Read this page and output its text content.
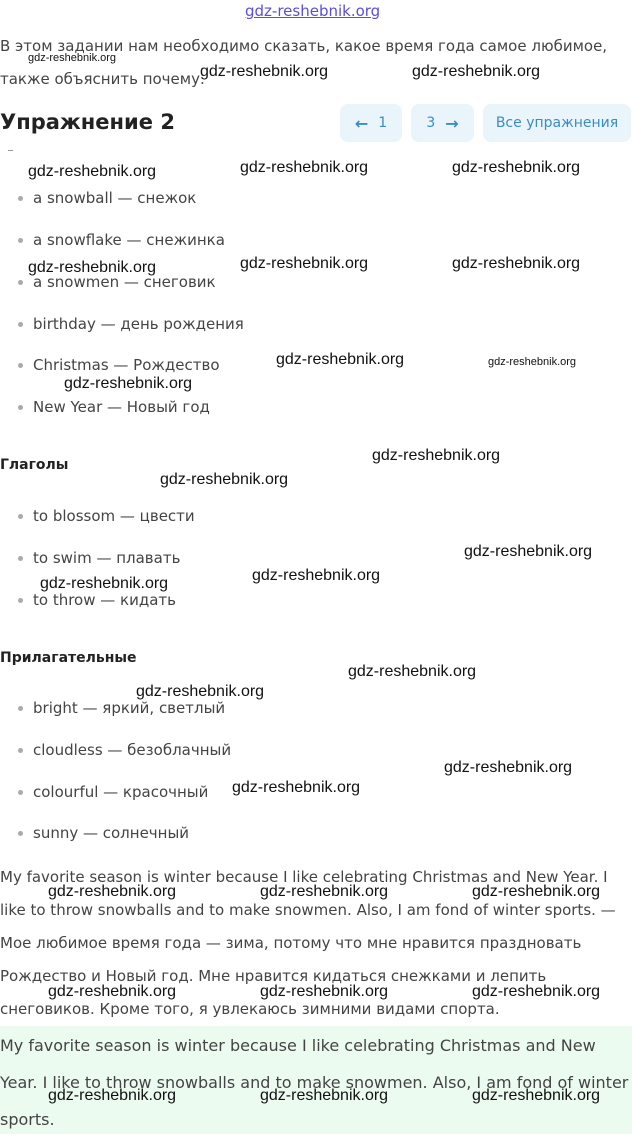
gdz-reshebnik.org
В этом задании нам необходимо сказать, какое время года самое любимое, также объяснить почему.
Упражнение 2	← 1	3 →	Все упражнения
a snowball — снежок
a snowflake — снежинка
a snowmen — снеговик
birthday — день рождения
Christmas — Рождество
New Year — Новый год
Глаголы
to blossom — цвести
to swim — плавать
to throw — кидать
Прилагательные
bright — яркий, светлый
cloudless — безоблачный
colourful — красочный
sunny — солнечный
My favorite season is winter because I like celebrating Christmas and New Year. I like to throw snowballs and to make snowmen. Also, I am fond of winter sports. — Мое любимое время года — зима, потому что мне нравится праздновать Рождество и Новый год. Мне нравится кидаться снежками и лепить снеговиков. Кроме того, я увлекаюсь зимними видами спорта.
My favorite season is winter because I like celebrating Christmas and New Year. I like to throw snowballs and to make snowmen. Also, I am fond of winter sports.
gdz-reshebnik.org
gdz-reshebnik.org	gdz-reshebnik.org
gdz-reshebnik.org	gdz-reshebnik.org	gdz-reshebnik.org
gdz-reshebnik.org	gdz-reshebnik.org	gdz-reshebnik.org
gdz-reshebnik.org	gdz-reshebnik.org
gdz-reshebnik.org
gdz-reshebnik.org
gdz-reshebnik.org
gdz-reshebnik.org
gdz-reshebnik.org
gdz-reshebnik.org
gdz-reshebnik.org
gdz-reshebnik.org
gdz-reshebnik.org
gdz-reshebnik.org
gdz-reshebnik.org	gdz-reshebnik.org	gdz-reshebnik.org
gdz-reshebnik.org	gdz-reshebnik.org	gdz-reshebnik.org
gdz-reshebnik.org	gdz-reshebnik.org	gdz-reshebnik.org
